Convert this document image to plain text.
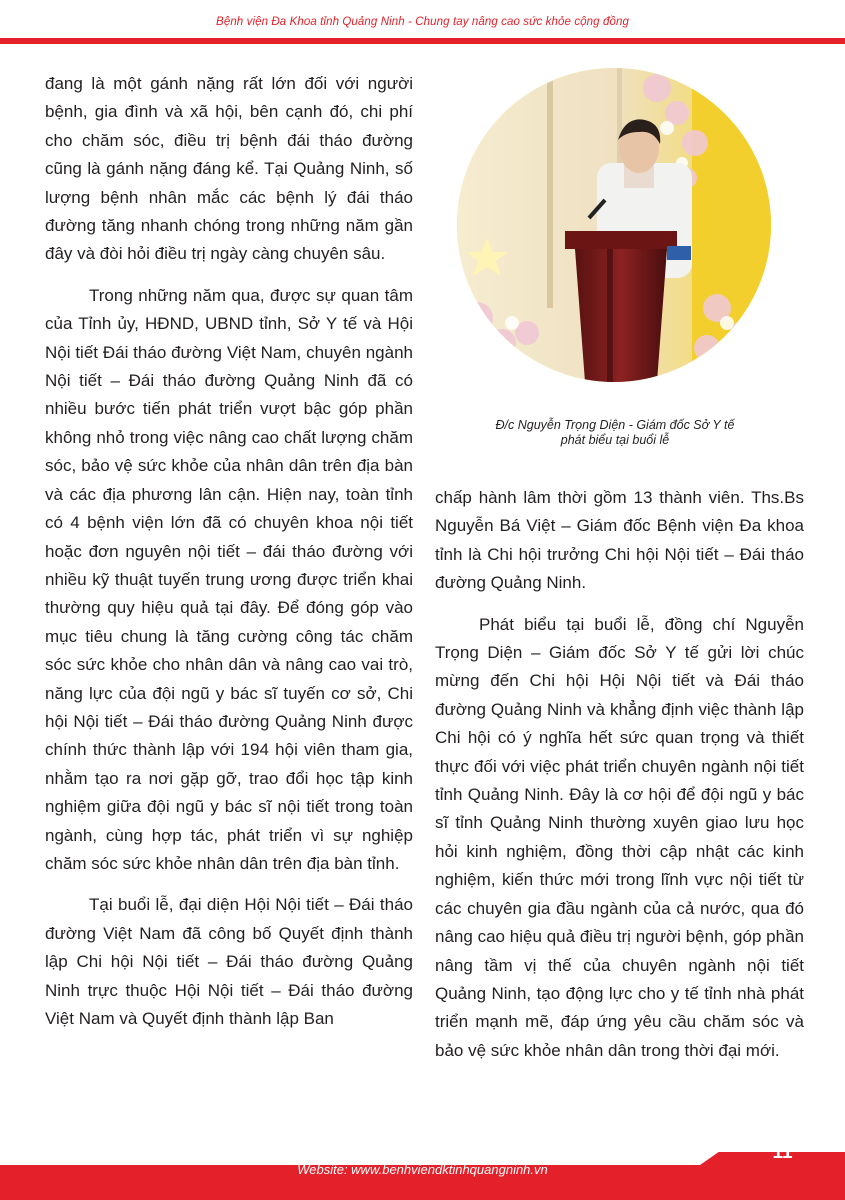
Bệnh viện Đa Khoa tỉnh Quảng Ninh - Chung tay nâng cao sức khỏe cộng đồng

đang là một gánh nặng rất lớn đối với người bệnh, gia đình và xã hội, bên cạnh đó, chi phí cho chăm sóc, điều trị bệnh đái tháo đường cũng là gánh nặng đáng kể. Tại Quảng Ninh, số lượng bệnh nhân mắc các bệnh lý đái tháo đường tăng nhanh chóng trong những năm gần đây và đòi hỏi điều trị ngày càng chuyên sâu.

Trong những năm qua, được sự quan tâm của Tỉnh ủy, HĐND, UBND tỉnh, Sở Y tế và Hội Nội tiết Đái tháo đường Việt Nam, chuyên ngành Nội tiết – Đái tháo đường Quảng Ninh đã có nhiều bước tiến phát triển vượt bậc góp phần không nhỏ trong việc nâng cao chất lượng chăm sóc, bảo vệ sức khỏe của nhân dân trên địa bàn và các địa phương lân cận. Hiện nay, toàn tỉnh có 4 bệnh viện lớn đã có chuyên khoa nội tiết hoặc đơn nguyên nội tiết – đái tháo đường với nhiều kỹ thuật tuyến trung ương được triển khai thường quy hiệu quả tại đây. Để đóng góp vào mục tiêu chung là tăng cường công tác chăm sóc sức khỏe cho nhân dân và nâng cao vai trò, năng lực của đội ngũ y bác sĩ tuyến cơ sở, Chi hội Nội tiết – Đái tháo đường Quảng Ninh được chính thức thành lập với 194 hội viên tham gia, nhằm tạo ra nơi gặp gỡ, trao đổi học tập kinh nghiệm giữa đội ngũ y bác sĩ nội tiết trong toàn ngành, cùng hợp tác, phát triển vì sự nghiệp chăm sóc sức khỏe nhân dân trên địa bàn tỉnh.

Tại buổi lễ, đại diện Hội Nội tiết – Đái tháo đường Việt Nam đã công bố Quyết định thành lập Chi hội Nội tiết – Đái tháo đường Quảng Ninh trực thuộc Hội Nội tiết – Đái tháo đường Việt Nam và Quyết định thành lập Ban

Đ/c Nguyễn Trọng Diện - Giám đốc Sở Y tế
phát biểu tại buổi lễ

chấp hành lâm thời gồm 13 thành viên. Ths.Bs Nguyễn Bá Việt – Giám đốc Bệnh viện Đa khoa tỉnh là Chi hội trưởng Chi hội Nội tiết – Đái tháo đường Quảng Ninh.

Phát biểu tại buổi lễ, đồng chí Nguyễn Trọng Diện – Giám đốc Sở Y tế gửi lời chúc mừng đến Chi hội Hội Nội tiết và Đái tháo đường Quảng Ninh và khẳng định việc thành lập Chi hội có ý nghĩa hết sức quan trọng và thiết thực đối với việc phát triển chuyên ngành nội tiết tỉnh Quảng Ninh. Đây là cơ hội để đội ngũ y bác sĩ tỉnh Quảng Ninh thường xuyên giao lưu học hỏi kinh nghiệm, đồng thời cập nhật các kinh nghiệm, kiến thức mới trong lĩnh vực nội tiết từ các chuyên gia đầu ngành của cả nước, qua đó nâng cao hiệu quả điều trị người bệnh, góp phần nâng tầm vị thế của chuyên ngành nội tiết Quảng Ninh, tạo động lực cho y tế tỉnh nhà phát triển mạnh mẽ, đáp ứng yêu cầu chăm sóc và bảo vệ sức khỏe nhân dân trong thời đại mới.

Website: www.benhviendktinhquangninh.vn
11
